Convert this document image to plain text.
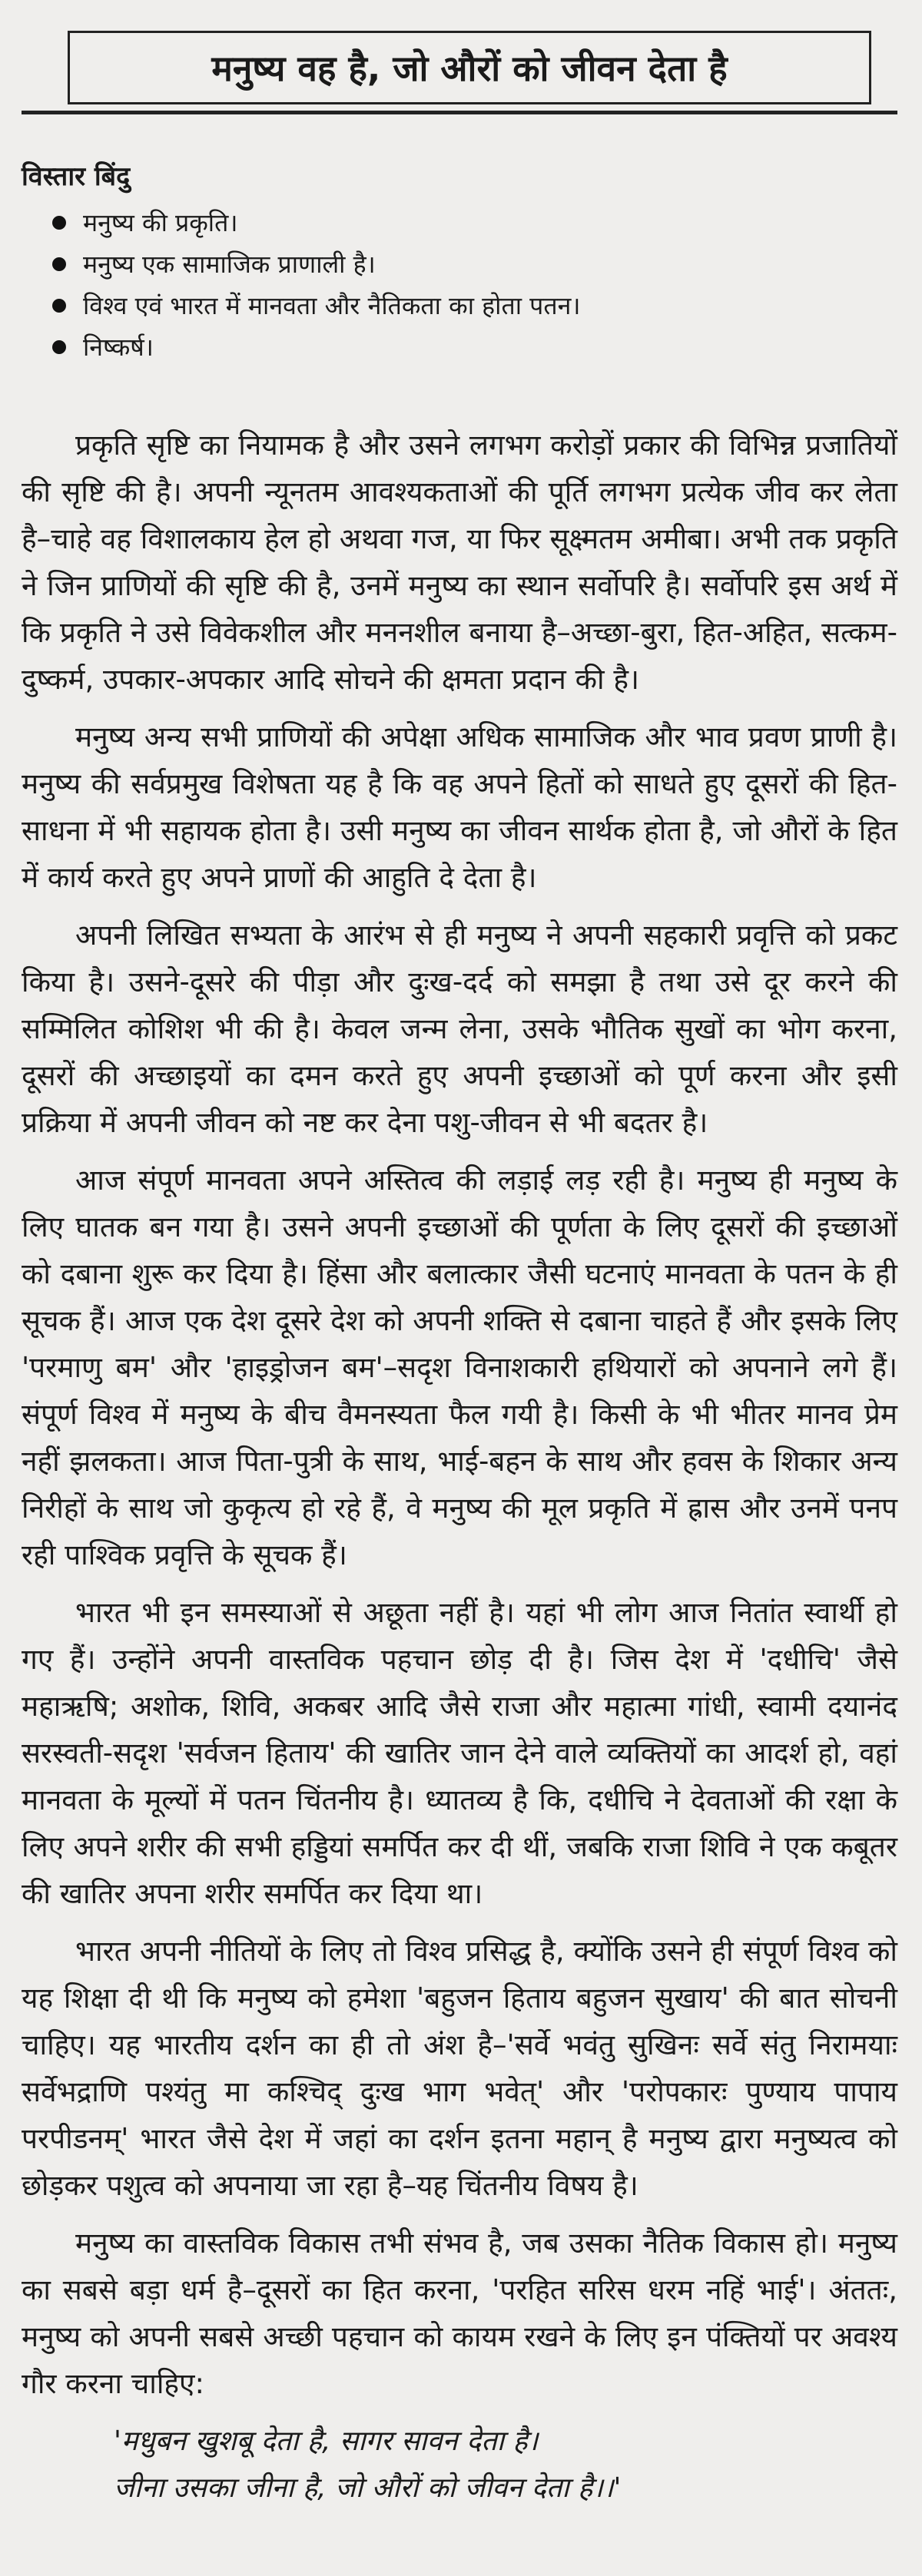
मनुष्य वह है, जो औरों को जीवन देता है
विस्तार बिंदु
मनुष्य की प्रकृति।
मनुष्य एक सामाजिक प्राणाली है।
विश्व एवं भारत में मानवता और नैतिकता का होता पतन।
निष्कर्ष।

प्रकृति सृष्टि का नियामक है और उसने लगभग करोड़ों प्रकार की विभिन्न प्रजातियों की सृष्टि की है। अपनी न्यूनतम आवश्यकताओं की पूर्ति लगभग प्रत्येक जीव कर लेता है–चाहे वह विशालकाय हेल हो अथवा गज, या फिर सूक्ष्मतम अमीबा। अभी तक प्रकृति ने जिन प्राणियों की सृष्टि की है, उनमें मनुष्य का स्थान सर्वोपरि है। सर्वोपरि इस अर्थ में कि प्रकृति ने उसे विवेकशील और मननशील बनाया है–अच्छा-बुरा, हित-अहित, सत्कम-दुष्कर्म, उपकार-अपकार आदि सोचने की क्षमता प्रदान की है।

मनुष्य अन्य सभी प्राणियों की अपेक्षा अधिक सामाजिक और भाव प्रवण प्राणी है। मनुष्य की सर्वप्रमुख विशेषता यह है कि वह अपने हितों को साधते हुए दूसरों की हित-साधना में भी सहायक होता है। उसी मनुष्य का जीवन सार्थक होता है, जो औरों के हित में कार्य करते हुए अपने प्राणों की आहुति दे देता है।

अपनी लिखित सभ्यता के आरंभ से ही मनुष्य ने अपनी सहकारी प्रवृत्ति को प्रकट किया है। उसने-दूसरे की पीड़ा और दुःख-दर्द को समझा है तथा उसे दूर करने की सम्मिलित कोशिश भी की है। केवल जन्म लेना, उसके भौतिक सुखों का भोग करना, दूसरों की अच्छाइयों का दमन करते हुए अपनी इच्छाओं को पूर्ण करना और इसी प्रक्रिया में अपनी जीवन को नष्ट कर देना पशु-जीवन से भी बदतर है।

आज संपूर्ण मानवता अपने अस्तित्व की लड़ाई लड़ रही है। मनुष्य ही मनुष्य के लिए घातक बन गया है। उसने अपनी इच्छाओं की पूर्णता के लिए दूसरों की इच्छाओं को दबाना शुरू कर दिया है। हिंसा और बलात्कार जैसी घटनाएं मानवता के पतन के ही सूचक हैं। आज एक देश दूसरे देश को अपनी शक्ति से दबाना चाहते हैं और इसके लिए 'परमाणु बम' और 'हाइड्रोजन बम'–सदृश विनाशकारी हथियारों को अपनाने लगे हैं। संपूर्ण विश्व में मनुष्य के बीच वैमनस्यता फैल गयी है। किसी के भी भीतर मानव प्रेम नहीं झलकता। आज पिता-पुत्री के साथ, भाई-बहन के साथ और हवस के शिकार अन्य निरीहों के साथ जो कुकृत्य हो रहे हैं, वे मनुष्य की मूल प्रकृति में ह्रास और उनमें पनप रही पाश्विक प्रवृत्ति के सूचक हैं।

भारत भी इन समस्याओं से अछूता नहीं है। यहां भी लोग आज नितांत स्वार्थी हो गए हैं। उन्होंने अपनी वास्तविक पहचान छोड़ दी है। जिस देश में 'दधीचि' जैसे महाऋषि; अशोक, शिवि, अकबर आदि जैसे राजा और महात्मा गांधी, स्वामी दयानंद सरस्वती-सदृश 'सर्वजन हिताय' की खातिर जान देने वाले व्यक्तियों का आदर्श हो, वहां मानवता के मूल्यों में पतन चिंतनीय है। ध्यातव्य है कि, दधीचि ने देवताओं की रक्षा के लिए अपने शरीर की सभी हड्डियां समर्पित कर दी थीं, जबकि राजा शिवि ने एक कबूतर की खातिर अपना शरीर समर्पित कर दिया था।

भारत अपनी नीतियों के लिए तो विश्व प्रसिद्ध है, क्योंकि उसने ही संपूर्ण विश्व को यह शिक्षा दी थी कि मनुष्य को हमेशा 'बहुजन हिताय बहुजन सुखाय' की बात सोचनी चाहिए। यह भारतीय दर्शन का ही तो अंश है–'सर्वे भवंतु सुखिनः सर्वे संतु निरामयाः सर्वेभद्राणि पश्यंतु मा कश्चिद् दुःख भाग भवेत्' और 'परोपकारः पुण्याय पापाय परपीडनम्' भारत जैसे देश में जहां का दर्शन इतना महान् है मनुष्य द्वारा मनुष्यत्व को छोड़कर पशुत्व को अपनाया जा रहा है–यह चिंतनीय विषय है।

मनुष्य का वास्तविक विकास तभी संभव है, जब उसका नैतिक विकास हो। मनुष्य का सबसे बड़ा धर्म है–दूसरों का हित करना, 'परहित सरिस धरम नहिं भाई'। अंततः, मनुष्य को अपनी सबसे अच्छी पहचान को कायम रखने के लिए इन पंक्तियों पर अवश्य गौर करना चाहिए:

'मधुबन खुशबू देता है, सागर सावन देता है।
जीना उसका जीना है, जो औरों को जीवन देता है।।'
